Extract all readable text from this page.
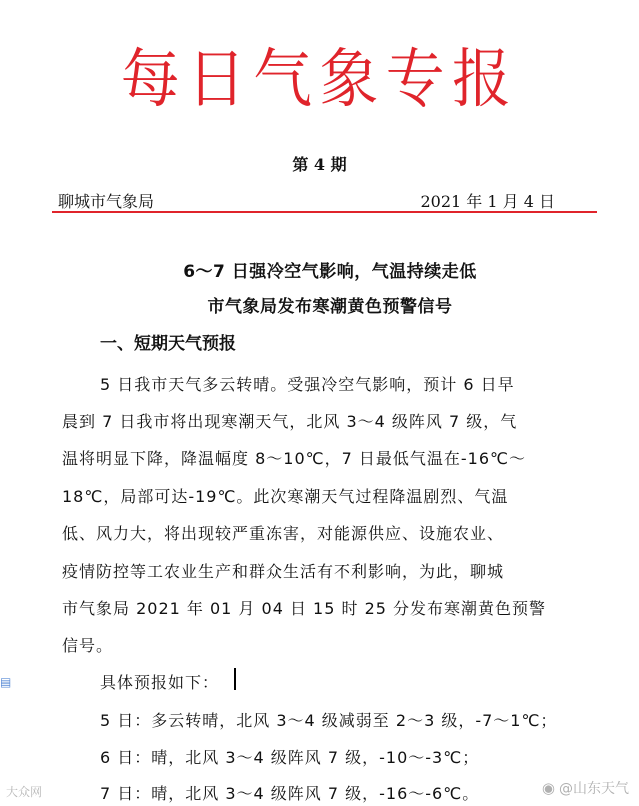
每日气象专报
第 4 期
聊城市气象局	2021 年 1 月 4 日
6～7 日强冷空气影响，气温持续走低
市气象局发布寒潮黄色预警信号
一、短期天气预报
5 日我市天气多云转晴。受强冷空气影响，预计 6 日早
晨到 7 日我市将出现寒潮天气，北风 3～4 级阵风 7 级，气
温将明显下降，降温幅度 8～10℃，7 日最低气温在-16℃～
18℃，局部可达-19℃。此次寒潮天气过程降温剧烈、气温
低、风力大，将出现较严重冻害，对能源供应、设施农业、
疫情防控等工农业生产和群众生活有不利影响，为此，聊城
市气象局 2021 年 01 月 04 日 15 时 25 分发布寒潮黄色预警
信号。
具体预报如下：
5 日：多云转晴，北风 3～4 级减弱至 2～3 级，-7～1℃；
6 日：晴，北风 3～4 级阵风 7 级，-10～-3℃；
7 日：晴，北风 3～4 级阵风 7 级，-16～-6℃。
▤
大众网	◉ @山东天气
